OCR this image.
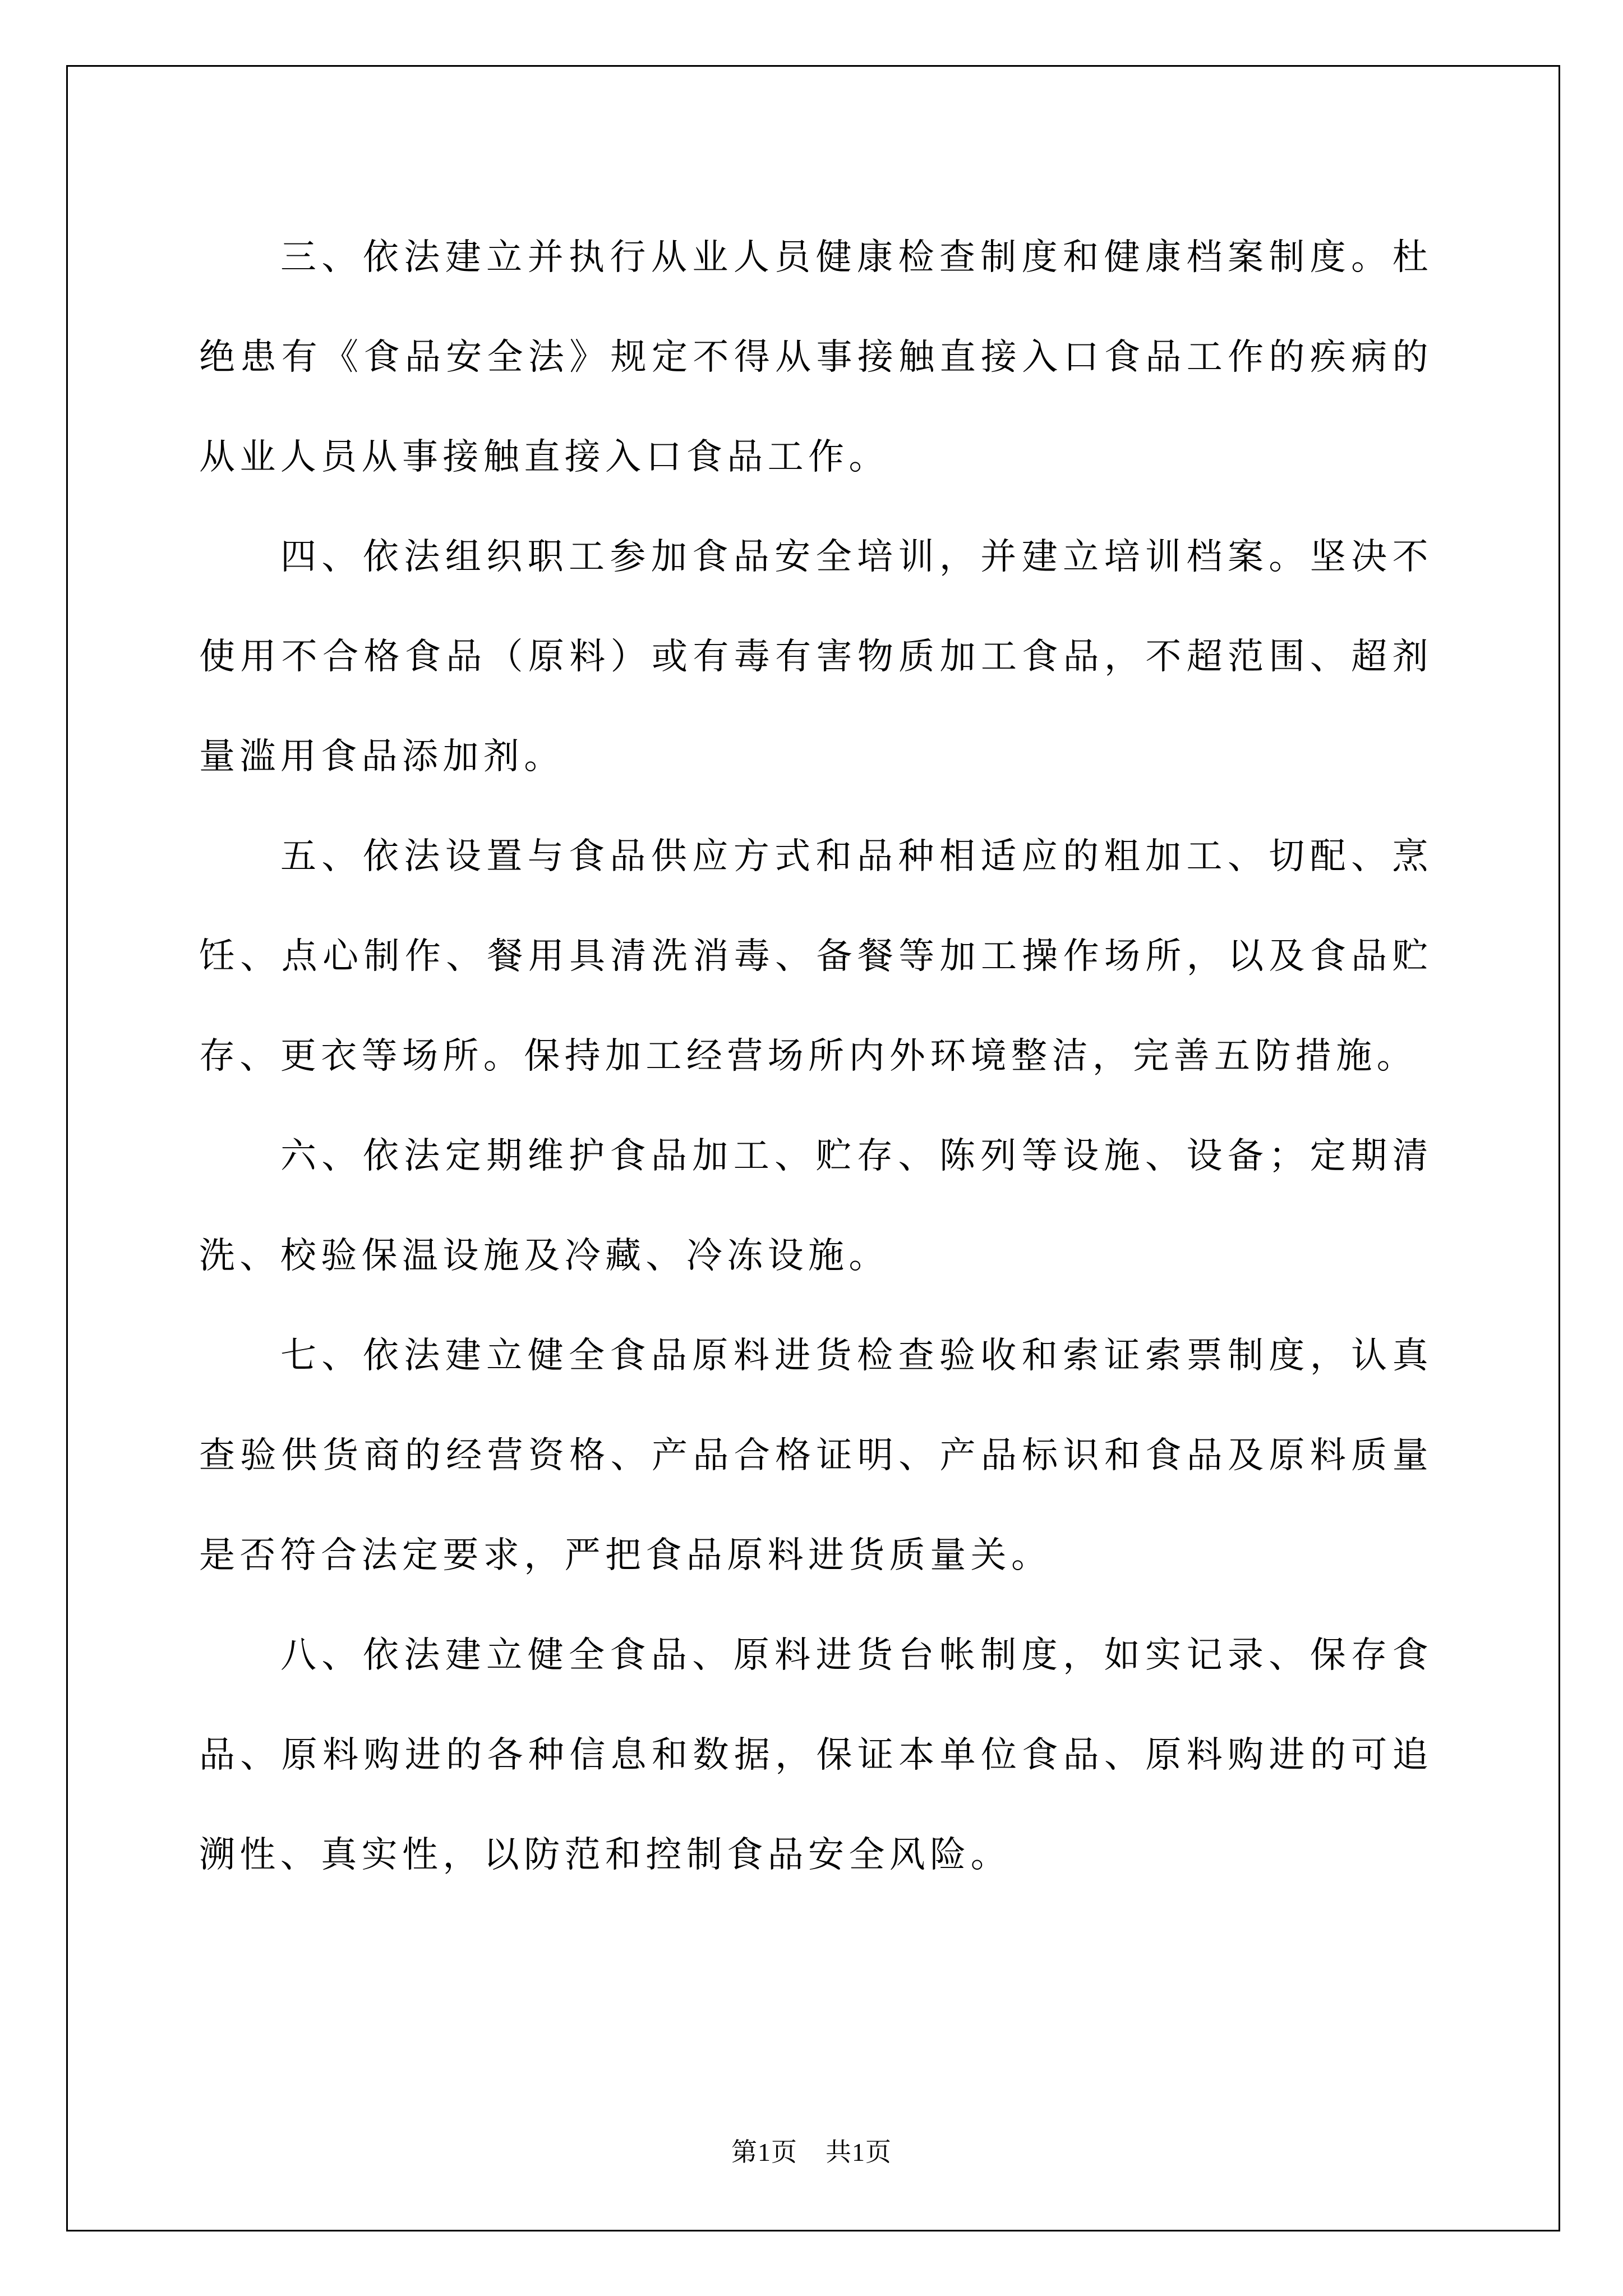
三、依法建立并执行从业人员健康检查制度和健康档案制度。杜绝患有《食品安全法》规定不得从事接触直接入口食品工作的疾病的从业人员从事接触直接入口食品工作。

四、依法组织职工参加食品安全培训，并建立培训档案。坚决不使用不合格食品（原料）或有毒有害物质加工食品，不超范围、超剂量滥用食品添加剂。

五、依法设置与食品供应方式和品种相适应的粗加工、切配、烹饪、点心制作、餐用具清洗消毒、备餐等加工操作场所，以及食品贮存、更衣等场所。保持加工经营场所内外环境整洁，完善五防措施。

六、依法定期维护食品加工、贮存、陈列等设施、设备；定期清洗、校验保温设施及冷藏、冷冻设施。

七、依法建立健全食品原料进货检查验收和索证索票制度，认真查验供货商的经营资格、产品合格证明、产品标识和食品及原料质量是否符合法定要求，严把食品原料进货质量关。

八、依法建立健全食品、原料进货台帐制度，如实记录、保存食品、原料购进的各种信息和数据，保证本单位食品、原料购进的可追溯性、真实性，以防范和控制食品安全风险。

第1页 共1页
